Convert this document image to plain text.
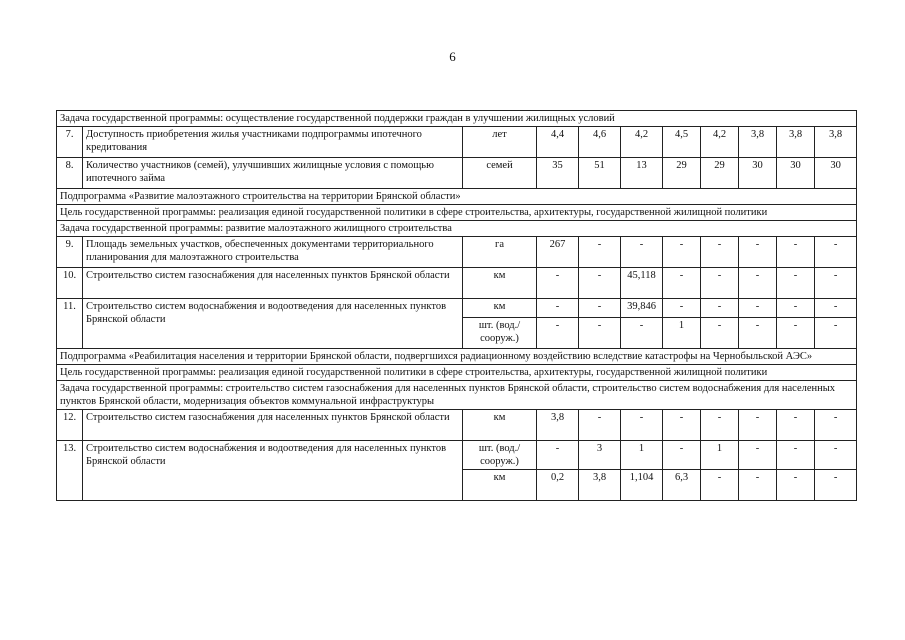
6
Задача государственной программы: осуществление государственной поддержки граждан в улучшении жилищных условий										
7.	Доступность приобретения жилья участниками подпрограммы ипотечного кредитования	лет	4,4	4,6	4,2	4,5	4,2	3,8	3,8	3,8
8.	Количество участников (семей), улучшивших жилищные условия с помощью ипотечного займа	семей	35	51	13	29	29	30	30	30
Подпрограмма «Развитие малоэтажного строительства на территории Брянской области»										
Цель государственной программы: реализация единой государственной политики в сфере строительства, архитектуры, государственной жилищной политики										
Задача государственной программы: развитие малоэтажного жилищного строительства										
9.	Площадь земельных участков, обеспеченных документами территориального планирования для малоэтажного строительства	га	267	-	-	-	-	-	-	-
10.	Строительство систем газоснабжения для населенных пунктов Брянской области	км	-	-	45,118	-	-	-	-	-
11.	Строительство систем водоснабжения и водоотведения для населенных пунктов Брянской области	км	-	-	39,846	-	-	-	-	-
		шт. (вод./ сооруж.)	-	-	-	1	-	-	-	-
Подпрограмма «Реабилитация населения и территории Брянской области, подвергшихся радиационному воздействию вследствие катастрофы на Чернобыльской АЭС»										
Цель государственной программы: реализация единой государственной политики в сфере строительства, архитектуры, государственной жилищной политики										
Задача государственной программы: строительство систем газоснабжения для населенных пунктов Брянской области, строительство систем водоснабжения для населенных пунктов Брянской области, модернизация объектов коммунальной инфраструктуры										
12.	Строительство систем газоснабжения для населенных пунктов Брянской области	км	3,8	-	-	-	-	-	-	-
13.	Строительство систем водоснабжения и водоотведения для населенных пунктов Брянской области	шт. (вод./ сооруж.)	-	3	1	-	1	-	-	-
		км	0,2	3,8	1,104	6,3	-	-	-	-
